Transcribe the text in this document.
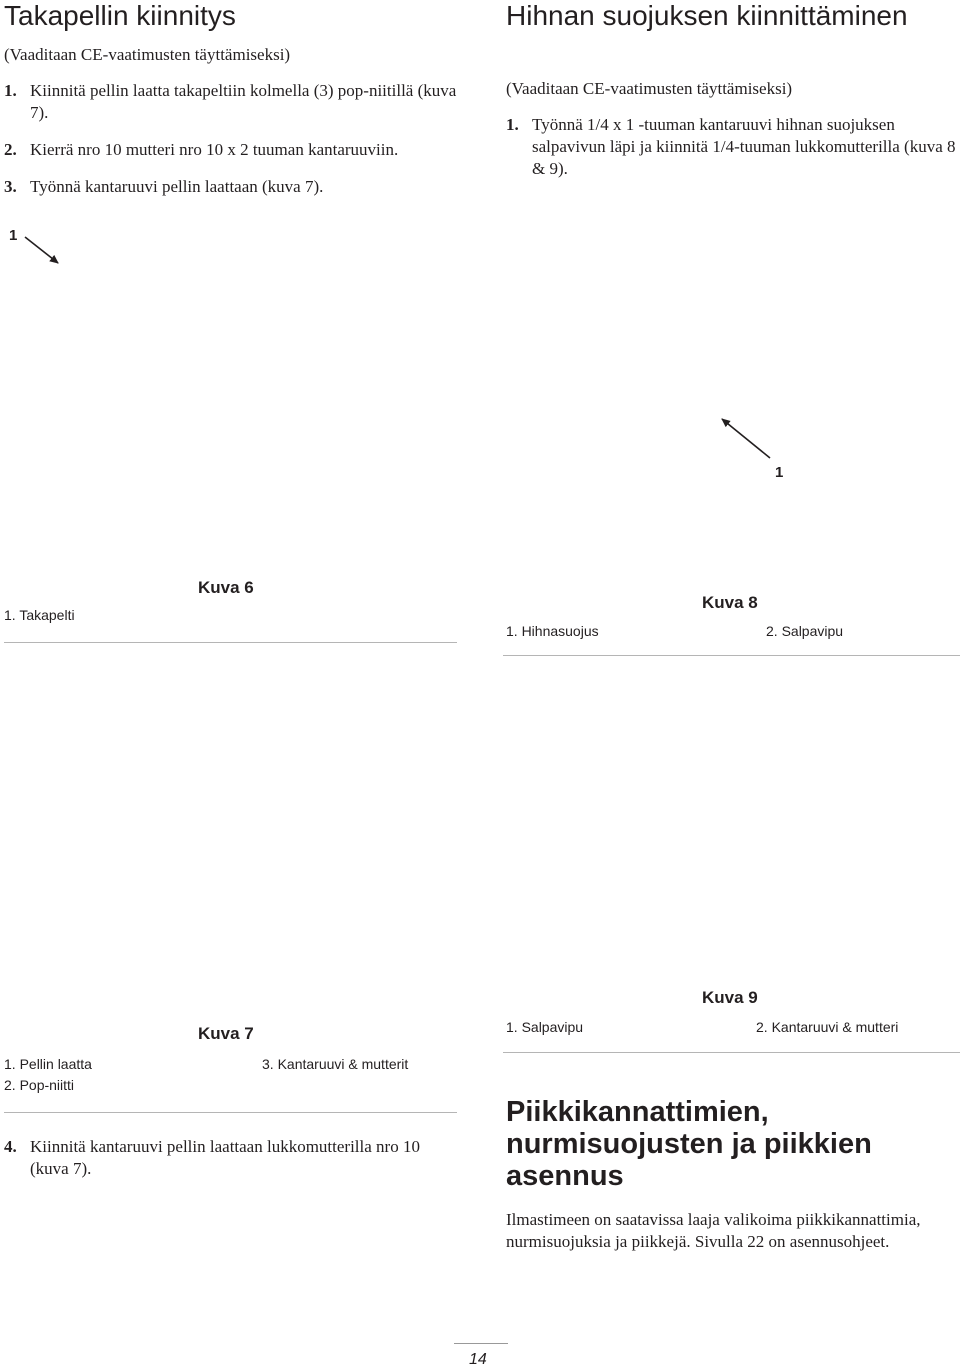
Takapellin kiinnitys

(Vaaditaan CE-vaatimusten täyttämiseksi)

1. Kiinnitä pellin laatta takapeltiin kolmella (3) pop-niitillä (kuva 7).
2. Kierrä nro 10 mutteri nro 10 x 2 tuuman kantaruuviin.
3. Työnnä kantaruuvi pellin laattaan (kuva 7).
Hihnan suojuksen kiinnittäminen

(Vaaditaan CE-vaatimusten täyttämiseksi)

1. Työnnä 1/4 x 1 -tuuman kantaruuvi hihnan suojuksen salpavivun läpi ja kiinnitä 1/4-tuuman lukkomutterilla (kuva 8 & 9).
1
Kuva 6
1. Takapelti
1
Kuva 8
1. Hihnasuojus	2. Salpavipu
Kuva 7
1. Pellin laatta	3. Kantaruuvi & mutterit
2. Pop-niitti
4. Kiinnitä kantaruuvi pellin laattaan lukkomutterilla nro 10 (kuva 7).
Kuva 9
1. Salpavipu	2. Kantaruuvi & mutteri
Piikkikannattimien, nurmisuojusten ja piikkien asennus

Ilmastimeen on saatavissa laaja valikoima piikkikannattimia, nurmisuojuksia ja piikkejä. Sivulla 22 on asennusohjeet.

14
